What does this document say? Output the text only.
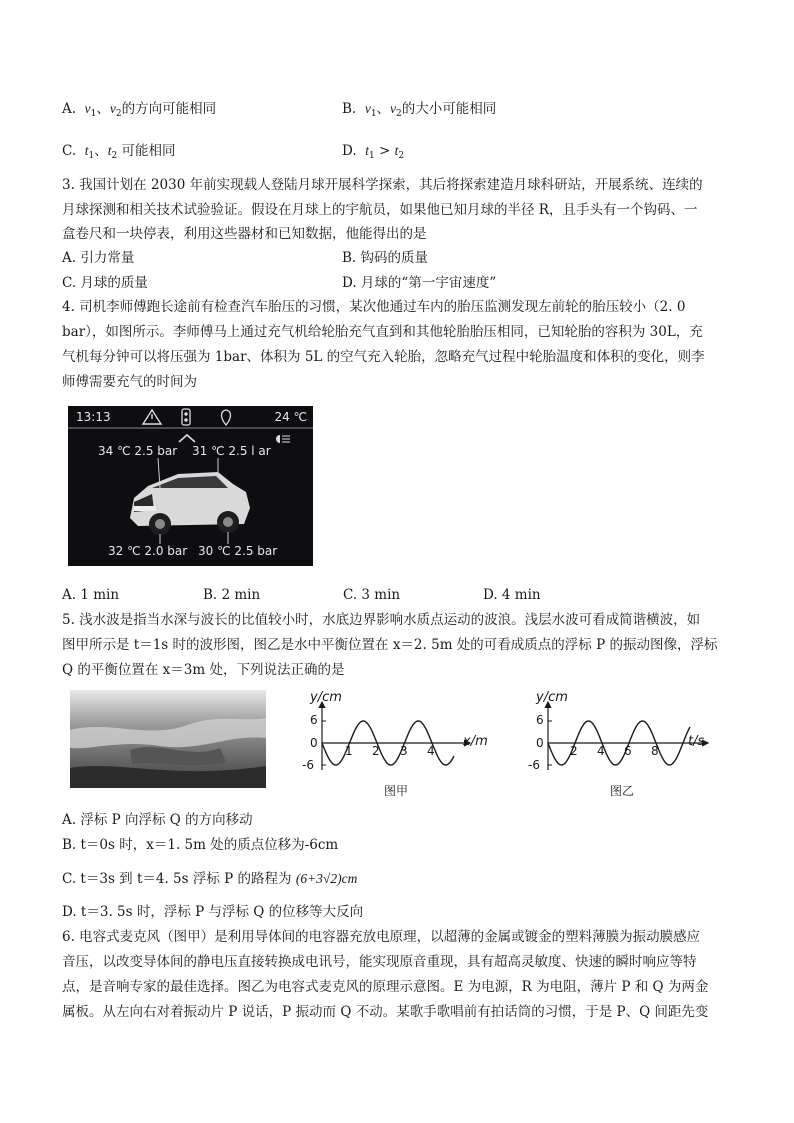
A. $v_1$、$v_2$的方向可能相同	B. $v_1$、$v_2$的大小可能相同
C. $t_1$、$t_2$ 可能相同	D. $t_1 > t_2$
3. 我国计划在 2030 年前实现载人登陆月球开展科学探索，其后将探索建造月球科研站，开展系统、连续的
月球探测和相关技术试验验证。假设在月球上的宇航员，如果他已知月球的半径 R，且手头有一个钩码、一
盒卷尺和一块停表，利用这些器材和已知数据，他能得出的是
A. 引力常量	B. 钩码的质量
C. 月球的质量	D. 月球的“第一宇宙速度”
4. 司机李师傅跑长途前有检查汽车胎压的习惯，某次他通过车内的胎压监测发现左前轮的胎压较小（2. 0
bar），如图所示。李师傅马上通过充气机给轮胎充气直到和其他轮胎胎压相同，已知轮胎的容积为 30L，充
气机每分钟可以将压强为 1bar、体积为 5L 的空气充入轮胎，忽略充气过程中轮胎温度和体积的变化，则李
师傅需要充气的时间为
13:13	24 ℃
34 ℃ 2.5 bar 31 ℃ 2.5 l ar
32 ℃ 2.0 bar 30 ℃ 2.5 bar
A. 1 min	B. 2 min	C. 3 min	D. 4 min
5. 浅水波是指当水深与波长的比值较小时，水底边界影响水质点运动的波浪。浅层水波可看成简谐横波，如
图甲所示是 t＝1s 时的波形图，图乙是水中平衡位置在 x＝2. 5m 处的可看成质点的浮标 P 的振动图像，浮标
Q 的平衡位置在 x＝3m 处，下列说法正确的是
y/cm
6
0
-6
1 2 3 4
x/m
图甲
y/cm
6
0
-6
2 4 6 8
t/s
图乙
A. 浮标 P 向浮标 Q 的方向移动
B. t＝0s 时，x＝1. 5m 处的质点位移为-6cm
C. t＝3s 到 t＝4. 5s 浮标 P 的路程为 (6+3√2)cm
D. t＝3. 5s 时，浮标 P 与浮标 Q 的位移等大反向
6. 电容式麦克风（图甲）是利用导体间的电容器充放电原理，以超薄的金属或镀金的塑料薄膜为振动膜感应
音压，以改变导体间的静电压直接转换成电讯号，能实现原音重现，具有超高灵敏度、快速的瞬时响应等特
点，是音响专家的最佳选择。图乙为电容式麦克风的原理示意图。E 为电源，R 为电阻，薄片 P 和 Q 为两金
属板。从左向右对着振动片 P 说话，P 振动而 Q 不动。某歌手歌唱前有拍话筒的习惯，于是 P、Q 间距先变
